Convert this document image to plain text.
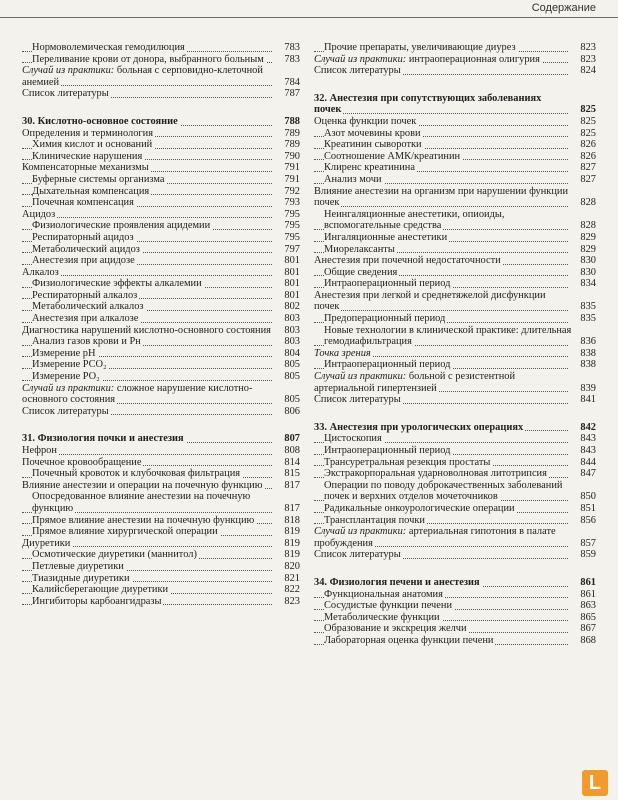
Содержание
Нормоволемическая гемодилюция	783
Переливание крови от донора, выбранного больным	783
Случай из практики: больная с серповидно-клеточной анемией	784
Список литературы	787
30. Кислотно-основное состояние	788
Определения и терминология	789
Химия кислот и оснований	789
Клинические нарушения	790
Компенсаторные механизмы	791
Буферные системы организма	791
Дыхательная компенсация	792
Почечная компенсация	793
Ацидоз	795
Физиологические проявления ацидемии	795
Респираторный ацидоз	795
Метаболический ацидоз	797
Анестезия при ацидозе	801
Алкалоз	801
Физиологические эффекты алкалемии	801
Респираторный алкалоз	801
Метаболический алкалоз	802
Анестезия при алкалозе	803
Диагностика нарушений кислотно-основного состояния	803
Анализ газов крови и Pн	803
Измерение pH	804
Измерение PCO₂	805
Измерение PO₂	805
Случай из практики: сложное нарушение кислотно-основного состояния	805
Список литературы	806
31. Физиология почки и анестезия	807
Нефрон	808
Почечное кровообращение	814
Почечный кровоток и клубочковая фильтрация	815
Влияние анестезии и операции на почечную функцию	817
Опосредованное влияние анестезии на почечную функцию	817
Прямое влияние анестезии на почечную функцию	818
Прямое влияние хирургической операции	819
Диуретики	819
Осмотические диуретики (маннитол)	819
Петлевые диуретики	820
Тиазидные диуретики	821
Калийсберегающие диуретики	822
Ингибиторы карбоангидразы	823
Прочие препараты, увеличивающие диурез	823
Случай из практики: интраоперационная олигурия	823
Список литературы	824
32. Анестезия при сопутствующих заболеваниях почек	825
Оценка функции почек	825
Азот мочевины крови	825
Креатинин сыворотки	826
Соотношение АМК/креатинин	826
Клиренс креатинина	827
Анализ мочи	827
Влияние анестезии на организм при нарушении функции почек	828
Неингаляционные анестетики, опиоиды, вспомогательные средства	828
Ингаляционные анестетики	829
Миорелаксанты	829
Анестезия при почечной недостаточности	830
Общие сведения	830
Интраоперационный период	834
Анестезия при легкой и среднетяжелой дисфункции почек	835
Предоперационный период	835
Новые технологии в клинической практике: длительная гемодиафильтрация	836
Точка зрения	838
Интраоперационный период	838
Случай из практики: больной с резистентной артериальной гипертензией	839
Список литературы	841
33. Анестезия при урологических операциях	842
Цистоскопия	843
Интраоперационный период	843
Трансуретральная резекция простаты	844
Экстракорпоральная ударноволновая литотрипсия	847
Операции по поводу доброкачественных заболеваний почек и верхних отделов мочеточников	850
Радикальные онкоурологические операции	851
Трансплантация почки	856
Случай из практики: артериальная гипотония в палате пробуждения	857
Список литературы	859
34. Физиология печени и анестезия	861
Функциональная анатомия	861
Сосудистые функции печени	863
Метаболические функции	865
Образование и экскреция желчи	867
Лабораторная оценка функции печени	868
L
